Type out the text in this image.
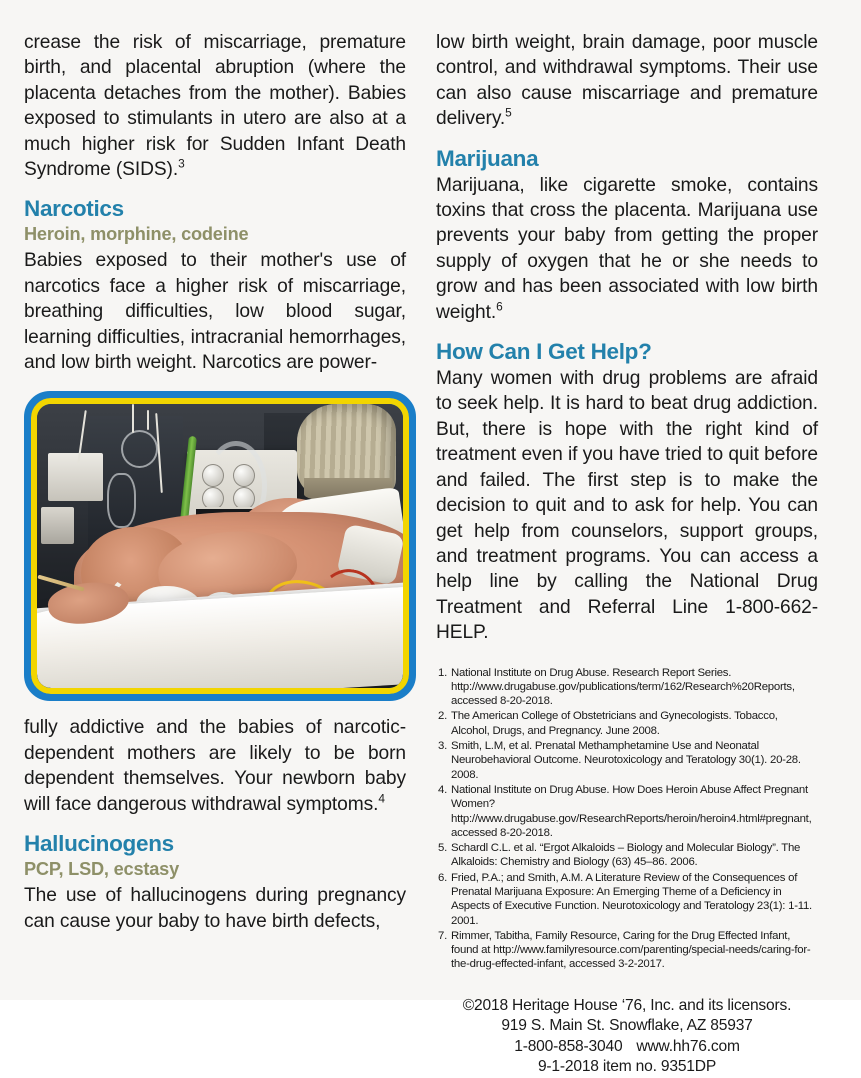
crease the risk of miscarriage, premature birth, and placental abruption (where the placenta detaches from the mother). Babies exposed to stimulants in utero are also at a much higher risk for Sudden Infant Death Syndrome (SIDS).$^3$

Narcotics
Heroin, morphine, codeine

Babies exposed to their mother's use of narcotics face a higher risk of miscarriage, breathing difficulties, low blood sugar, learning difficulties, intracranial hemorrhages, and low birth weight. Narcotics are power-

fully addictive and the babies of narcotic-dependent mothers are likely to be born dependent themselves. Your newborn baby will face dangerous withdrawal symptoms.$^4$

Hallucinogens
PCP, LSD, ecstasy

The use of hallucinogens during pregnancy can cause your baby to have birth defects,

low birth weight, brain damage, poor muscle control, and withdrawal symptoms. Their use can also cause miscarriage and premature delivery.$^5$

Marijuana

Marijuana, like cigarette smoke, contains toxins that cross the placenta. Marijuana use prevents your baby from getting the proper supply of oxygen that he or she needs to grow and has been associated with low birth weight.$^6$

How Can I Get Help?

Many women with drug problems are afraid to seek help. It is hard to beat drug addiction. But, there is hope with the right kind of treatment even if you have tried to quit before and failed. The first step is to make the decision to quit and to ask for help. You can get help from counselors, support groups, and treatment programs. You can access a help line by calling the National Drug Treatment and Referral Line 1-800-662-HELP.

1. National Institute on Drug Abuse. Research Report Series. http://www.drugabuse.gov/publications/term/162/Research%20Reports, accessed 8-20-2018.
2. The American College of Obstetricians and Gynecologists. Tobacco, Alcohol, Drugs, and Pregnancy. June 2008.
3. Smith, L.M, et al. Prenatal Methamphetamine Use and Neonatal Neurobehavioral Outcome. Neurotoxicology and Teratology 30(1). 20-28. 2008.
4. National Institute on Drug Abuse. How Does Heroin Abuse Affect Pregnant Women? http://www.drugabuse.gov/ResearchReports/heroin/heroin4.html#pregnant, accessed 8-20-2018.
5. Schardl C.L. et al. “Ergot Alkaloids – Biology and Molecular Biology”. The Alkaloids: Chemistry and Biology (63) 45–86. 2006.
6. Fried, P.A.; and Smith, A.M. A Literature Review of the Consequences of Prenatal Marijuana Exposure: An Emerging Theme of a Deficiency in Aspects of Executive Function. Neurotoxicology and Teratology 23(1): 1-11. 2001.
7. Rimmer, Tabitha, Family Resource, Caring for the Drug Effected Infant, found at http://www.familyresource.com/parenting/special-needs/caring-for-the-drug-effected-infant, accessed 3-2-2017.
©2018 Heritage House ‘76, Inc. and its licensors.
919 S. Main St. Snowflake, AZ 85937
1-800-858-3040 www.hh76.com
9-1-2018 item no. 9351DP
